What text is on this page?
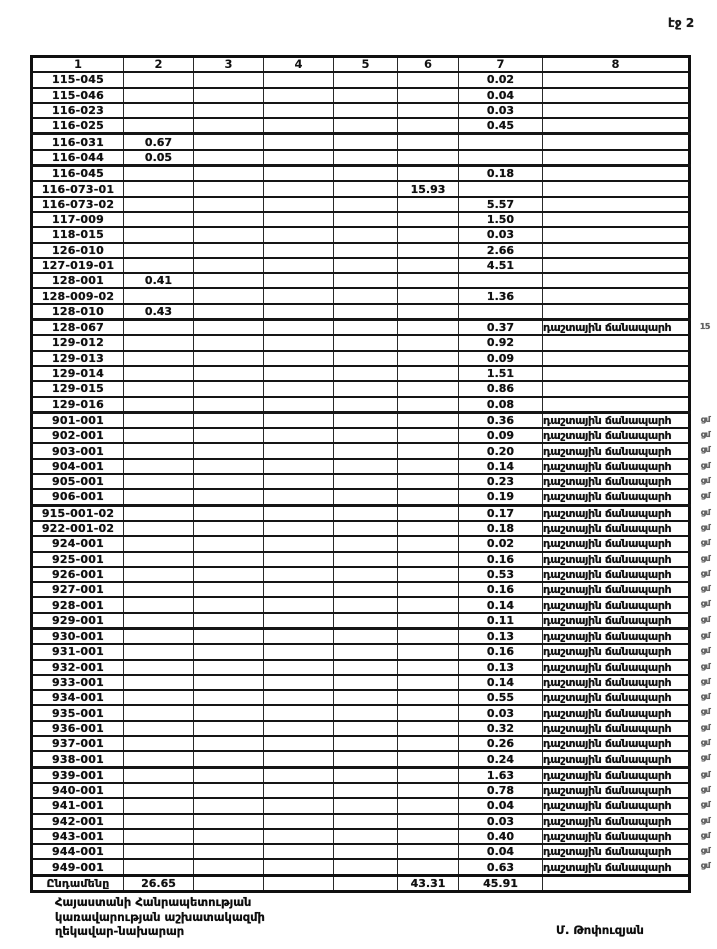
էջ 2
1	2	3	4	5	6	7	8
115-045						0.02	
115-046						0.04	
116-023						0.03	
116-025						0.45	
116-031	0.67						
116-044	0.05						
116-045						0.18	
116-073-01					15.93		
116-073-02						5.57	
117-009						1.50	
118-015						0.03	
126-010						2.66	
127-019-01						4.51	
128-001	0.41						
128-009-02						1.36	
128-010	0.43						
128-067						0.37	դաշտային ճանապարհ 15

129-012						0.92	
129-013						0.09	
129-014						1.51	
129-015						0.86	
129-016						0.08	
901-001						0.36	դաշտային ճանապարհ ցմ

902-001						0.09	դաշտային ճանապարհ ցմ

903-001						0.20	դաշտային ճանապարհ ցմ

904-001						0.14	դաշտային ճանապարհ ցմ

905-001						0.23	դաշտային ճանապարհ ցմ

906-001						0.19	դաշտային ճանապարհ ցմ

915-001-02						0.17	դաշտային ճանապարհ ցմ

922-001-02						0.18	դաշտային ճանապարհ ցմ

924-001						0.02	դաշտային ճանապարհ ցմ

925-001						0.16	դաշտային ճանապարհ ցմ

926-001						0.53	դաշտային ճանապարհ ցմ

927-001						0.16	դաշտային ճանապարհ ցմ

928-001						0.14	դաշտային ճանապարհ ցմ

929-001						0.11	դաշտային ճանապարհ ցմ

930-001						0.13	դաշտային ճանապարհ ցմ

931-001						0.16	դաշտային ճանապարհ ցմ

932-001						0.13	դաշտային ճանապարհ ցմ

933-001						0.14	դաշտային ճանապարհ ցմ

934-001						0.55	դաշտային ճանապարհ ցմ

935-001						0.03	դաշտային ճանապարհ ցմ

936-001						0.32	դաշտային ճանապարհ ցմ

937-001						0.26	դաշտային ճանապարհ ցմ

938-001						0.24	դաշտային ճանապարհ ցմ

939-001						1.63	դաշտային ճանապարհ ցմ

940-001						0.78	դաշտային ճանապարհ ցմ

941-001						0.04	դաշտային ճանապարհ ցմ

942-001						0.03	դաշտային ճանապարհ ցմ

943-001						0.40	դաշտային ճանապարհ ցմ

944-001						0.04	դաշտային ճանապարհ ցմ

949-001						0.63	դաշտային ճանապարհ ցմ

Ընդամենը	26.65				43.31	45.91	
Հայաստանի Հանրապետության
կառավարության աշխատակազմի
ղեկավար-նախարար	Մ. Թոփուզյան
